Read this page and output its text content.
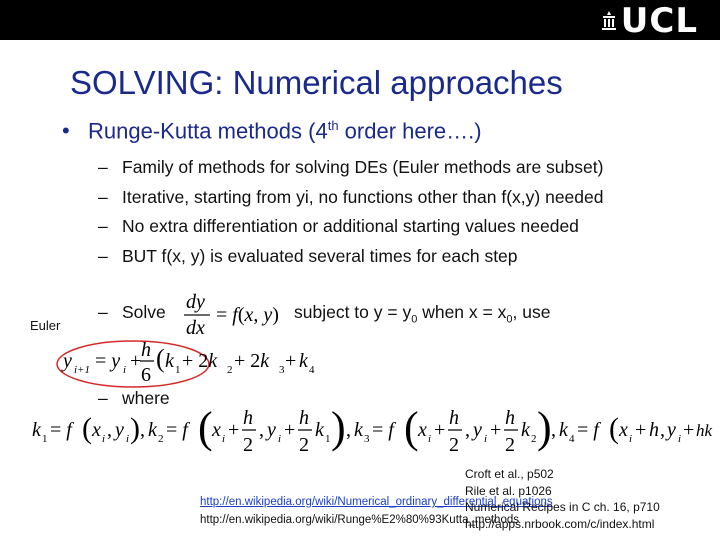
UCL
SOLVING: Numerical approaches
• Runge-Kutta methods (4th order here….)
– Family of methods for solving DEs (Euler methods are subset)
– Iterative, starting from yi, no functions other than f(x,y) needed
– No extra differentiation or additional starting values needed
– BUT f(x, y) is evaluated several times for each step
Euler
– Solve dy
dx
= f(x, y) subject to $y = y_0$ when $x = x_0$, use
y i+1 = y i + h
6
( k 1 + 2k 2 + 2k 3 + k 4
– where
k 1 = f ( x i , y i ) , k 2 = f ( x i +
h
2
, y i +
h
2
k 1 ) , k 3 = f ( x i +
h
2
, y i +
h
2
k 2 ) , k 4 = f ( x i + h , y i + hk
http://en.wikipedia.org/wiki/Numerical_ordinary_differential_equations
http://en.wikipedia.org/wiki/Runge%E2%80%93Kutta_methods
Croft et al., p502
Rile et al. p1026
Numerical Recipes in C ch. 16, p710
http://apps.nrbook.com/c/index.html
